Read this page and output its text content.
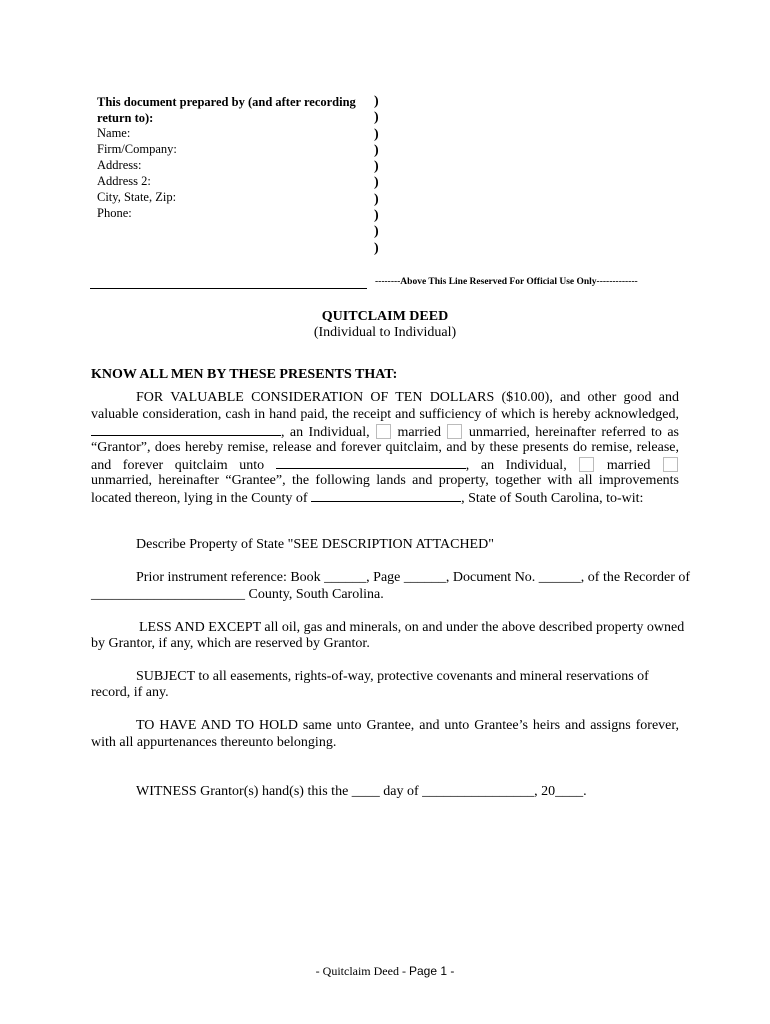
This document prepared by (and after recording
return to):
Name:
Firm/Company:
Address:
Address 2:
City, State, Zip:
Phone:
)
)
)
)
)
)
)
)
)
)
--------Above This Line Reserved For Official Use Only-------------
QUITCLAIM DEED
(Individual to Individual)
KNOW ALL MEN BY THESE PRESENTS THAT:
FOR VALUABLE CONSIDERATION OF TEN DOLLARS ($10.00), and other good and
valuable consideration, cash in hand paid, the receipt and sufficiency of which is hereby acknowledged,
, an Individual, married unmarried, hereinafter referred to as
“Grantor”, does hereby remise, release and forever quitclaim, and by these presents do remise, release,
and forever quitclaim unto	, an Individual,	married
unmarried, hereinafter “Grantee”, the following lands and property, together with all improvements
located thereon, lying in the County of	, State of South Carolina, to-wit:
Describe Property of State "SEE DESCRIPTION ATTACHED"
Prior instrument reference: Book ______, Page ______, Document No. ______, of the Recorder of
______________________ County, South Carolina.
LESS AND EXCEPT all oil, gas and minerals, on and under the above described property owned
by Grantor, if any, which are reserved by Grantor.
SUBJECT to all easements, rights-of-way, protective covenants and mineral reservations of
record, if any.
TO HAVE AND TO HOLD same unto Grantee, and unto Grantee’s heirs and assigns forever,
with all appurtenances thereunto belonging.
WITNESS Grantor(s) hand(s) this the ____ day of ________________, 20____.
- Quitclaim Deed - Page 1 -
